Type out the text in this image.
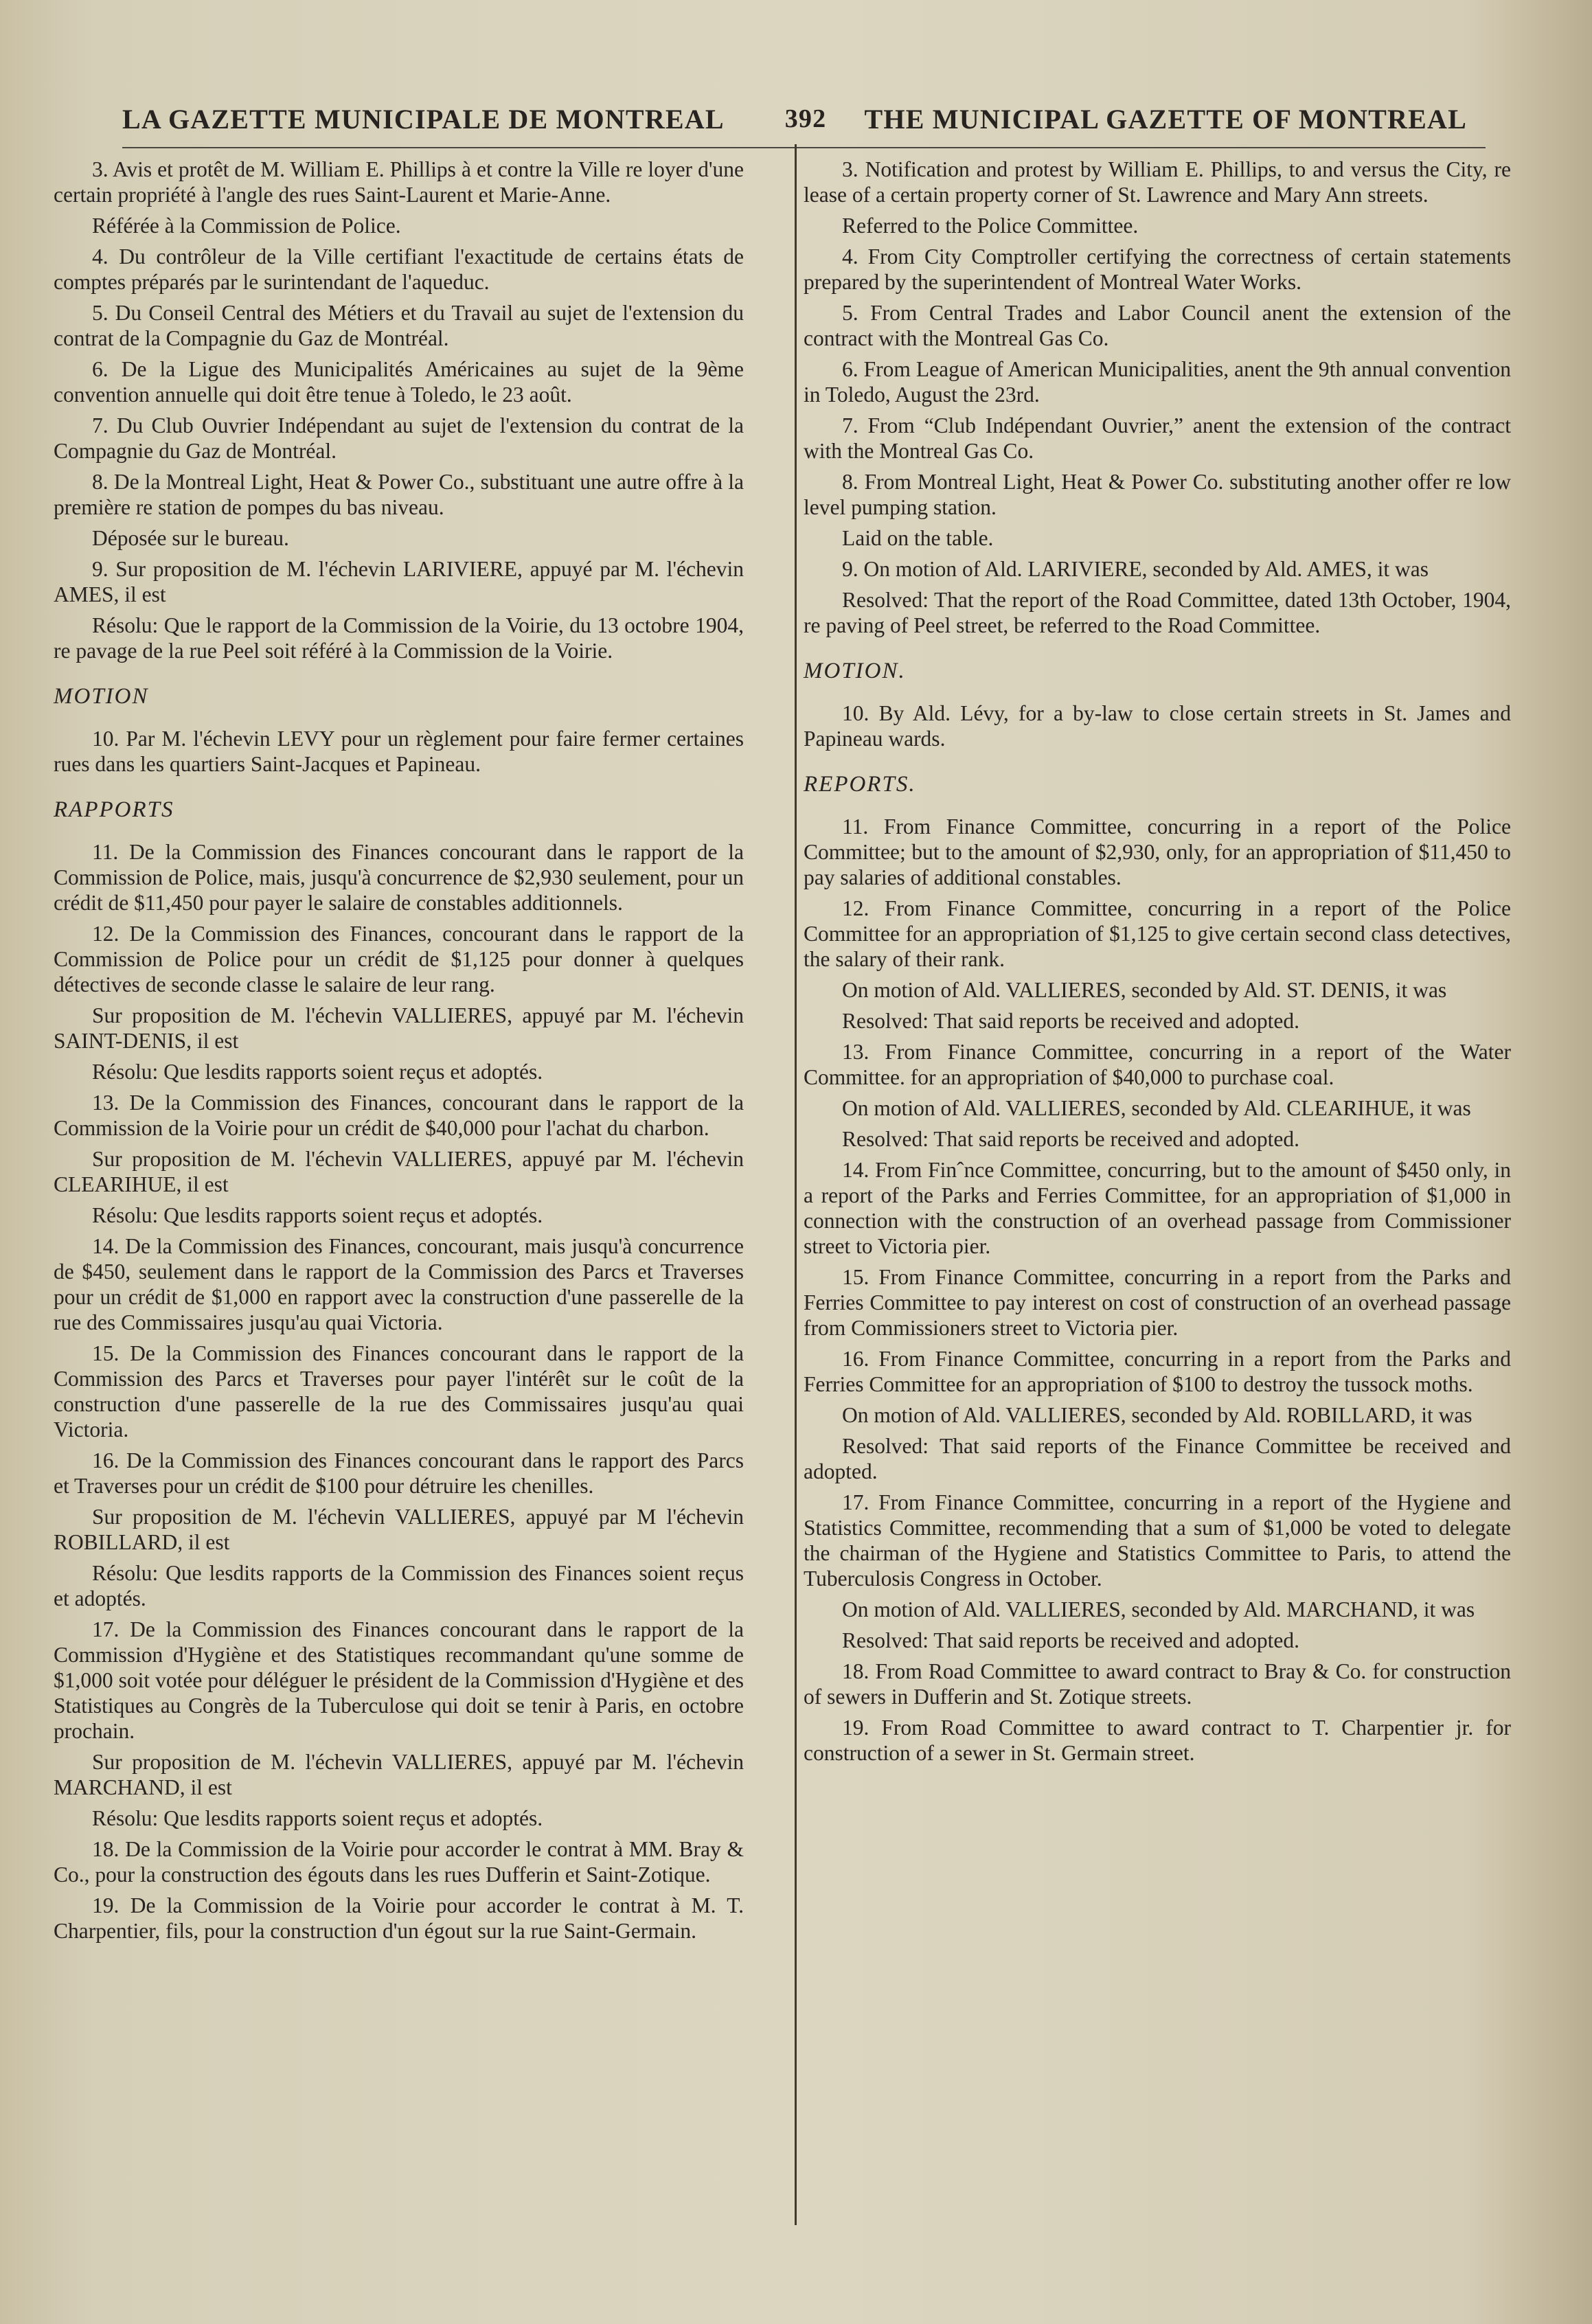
LA GAZETTE MUNICIPALE DE MONTREAL	392	THE MUNICIPAL GAZETTE OF MONTREAL
3. Avis et protêt de M. William E. Phillips à et contre la Ville re loyer d'une certain propriété à l'angle des rues Saint-Laurent et Marie-Anne.
Référée à la Commission de Police.
4. Du contrôleur de la Ville certifiant l'exactitude de certains états de comptes préparés par le surintendant de l'aqueduc.
5. Du Conseil Central des Métiers et du Travail au sujet de l'extension du contrat de la Compagnie du Gaz de Montréal.
6. De la Ligue des Municipalités Américaines au sujet de la 9ème convention annuelle qui doit être tenue à Toledo, le 23 août.
7. Du Club Ouvrier Indépendant au sujet de l'extension du contrat de la Compagnie du Gaz de Montréal.
8. De la Montreal Light, Heat & Power Co., substituant une autre offre à la première re station de pompes du bas niveau.
Déposée sur le bureau.
9. Sur proposition de M. l'échevin LARIVIERE, appuyé par M. l'échevin AMES, il est
Résolu: Que le rapport de la Commission de la Voirie, du 13 octobre 1904, re pavage de la rue Peel soit référé à la Commission de la Voirie.
MOTION
10. Par M. l'échevin LEVY pour un règlement pour faire fermer certaines rues dans les quartiers Saint-Jacques et Papineau.
RAPPORTS
11. De la Commission des Finances concourant dans le rapport de la Commission de Police, mais, jusqu'à concurrence de $2,930 seulement, pour un crédit de $11,450 pour payer le salaire de constables additionnels.
12. De la Commission des Finances, concourant dans le rapport de la Commission de Police pour un crédit de $1,125 pour donner à quelques détectives de seconde classe le salaire de leur rang.
Sur proposition de M. l'échevin VALLIERES, appuyé par M. l'échevin SAINT-DENIS, il est
Résolu: Que lesdits rapports soient reçus et adoptés.
13. De la Commission des Finances, concourant dans le rapport de la Commission de la Voirie pour un crédit de $40,000 pour l'achat du charbon.
Sur proposition de M. l'échevin VALLIERES, appuyé par M. l'échevin CLEARIHUE, il est
Résolu: Que lesdits rapports soient reçus et adoptés.
14. De la Commission des Finances, concourant, mais jusqu'à concurrence de $450, seulement dans le rapport de la Commission des Parcs et Traverses pour un crédit de $1,000 en rapport avec la construction d'une passerelle de la rue des Commissaires jusqu'au quai Victoria.
15. De la Commission des Finances concourant dans le rapport de la Commission des Parcs et Traverses pour payer l'intérêt sur le coût de la construction d'une passerelle de la rue des Commissaires jusqu'au quai Victoria.
16. De la Commission des Finances concourant dans le rapport des Parcs et Traverses pour un crédit de $100 pour détruire les chenilles.
Sur proposition de M. l'échevin VALLIERES, appuyé par M l'échevin ROBILLARD, il est
Résolu: Que lesdits rapports de la Commission des Finances soient reçus et adoptés.
17. De la Commission des Finances concourant dans le rapport de la Commission d'Hygiène et des Statistiques recommandant qu'une somme de $1,000 soit votée pour déléguer le président de la Commission d'Hygiène et des Statistiques au Congrès de la Tuberculose qui doit se tenir à Paris, en octobre prochain.
Sur proposition de M. l'échevin VALLIERES, appuyé par M. l'échevin MARCHAND, il est
Résolu: Que lesdits rapports soient reçus et adoptés.
18. De la Commission de la Voirie pour accorder le contrat à MM. Bray & Co., pour la construction des égouts dans les rues Dufferin et Saint-Zotique.
19. De la Commission de la Voirie pour accorder le contrat à M. T. Charpentier, fils, pour la construction d'un égout sur la rue Saint-Germain.
3. Notification and protest by William E. Phillips, to and versus the City, re lease of a certain property corner of St. Lawrence and Mary Ann streets.
Referred to the Police Committee.
4. From City Comptroller certifying the correctness of certain statements prepared by the superintendent of Montreal Water Works.
5. From Central Trades and Labor Council anent the extension of the contract with the Montreal Gas Co.
6. From League of American Municipalities, anent the 9th annual convention in Toledo, August the 23rd.
7. From “Club Indépendant Ouvrier,” anent the extension of the contract with the Montreal Gas Co.
8. From Montreal Light, Heat & Power Co. substituting another offer re low level pumping station.
Laid on the table.
9. On motion of Ald. LARIVIERE, seconded by Ald. AMES, it was
Resolved: That the report of the Road Committee, dated 13th October, 1904, re paving of Peel street, be referred to the Road Committee.
MOTION.
10. By Ald. Lévy, for a by-law to close certain streets in St. James and Papineau wards.
REPORTS.
11. From Finance Committee, concurring in a report of the Police Committee; but to the amount of $2,930, only, for an appropriation of $11,450 to pay salaries of additional constables.
12. From Finance Committee, concurring in a report of the Police Committee for an appropriation of $1,125 to give certain second class detectives, the salary of their rank.
On motion of Ald. VALLIERES, seconded by Ald. ST. DENIS, it was
Resolved: That said reports be received and adopted.
13. From Finance Committee, concurring in a report of the Water Committee. for an appropriation of $40,000 to purchase coal.
On motion of Ald. VALLIERES, seconded by Ald. CLEARIHUE, it was
Resolved: That said reports be received and adopted.
14. From Finˆnce Committee, concurring, but to the amount of $450 only, in a report of the Parks and Ferries Committee, for an appropriation of $1,000 in connection with the construction of an overhead passage from Commissioner street to Victoria pier.
15. From Finance Committee, concurring in a report from the Parks and Ferries Committee to pay interest on cost of construction of an overhead passage from Commissioners street to Victoria pier.
16. From Finance Committee, concurring in a report from the Parks and Ferries Committee for an appropriation of $100 to destroy the tussock moths.
On motion of Ald. VALLIERES, seconded by Ald. ROBILLARD, it was
Resolved: That said reports of the Finance Committee be received and adopted.
17. From Finance Committee, concurring in a report of the Hygiene and Statistics Committee, recommending that a sum of $1,000 be voted to delegate the chairman of the Hygiene and Statistics Committee to Paris, to attend the Tuberculosis Congress in October.
On motion of Ald. VALLIERES, seconded by Ald. MARCHAND, it was
Resolved: That said reports be received and adopted.
18. From Road Committee to award contract to Bray & Co. for construction of sewers in Dufferin and St. Zotique streets.
19. From Road Committee to award contract to T. Charpentier jr. for construction of a sewer in St. Germain street.
